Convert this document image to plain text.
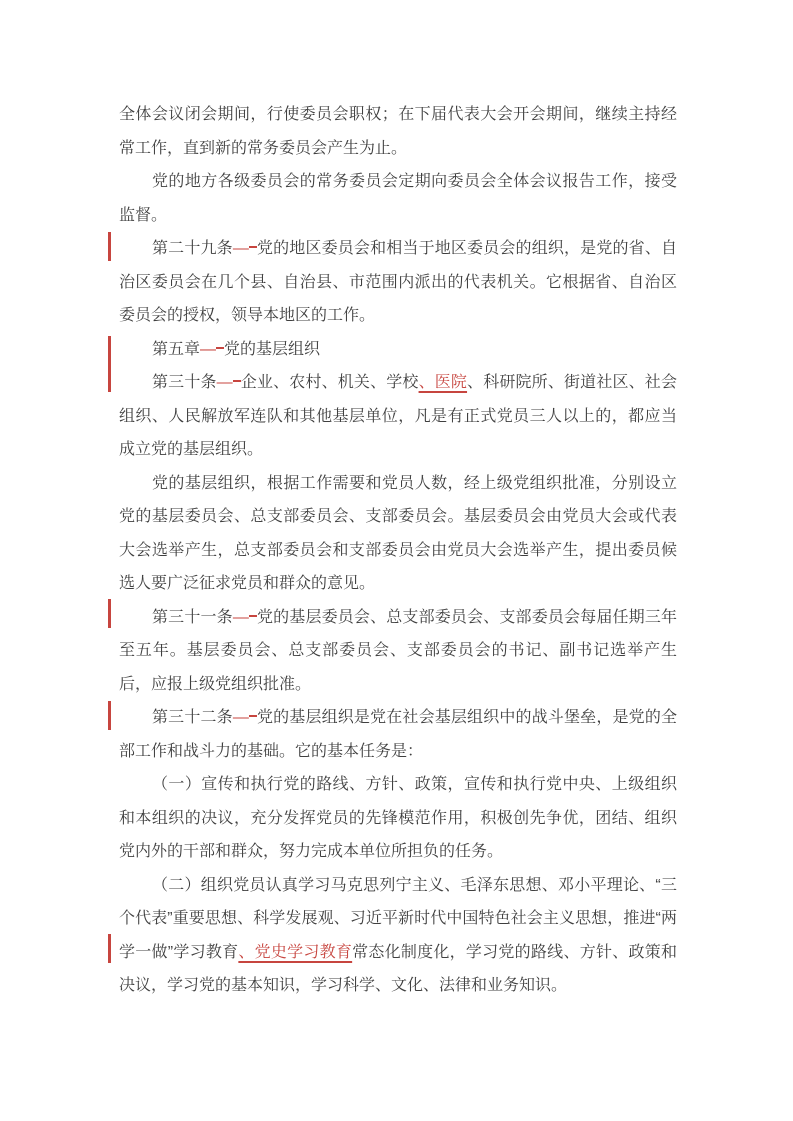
全体会议闭会期间，行使委员会职权；在下届代表大会开会期间，继续主持经常工作，直到新的常务委员会产生为止。

党的地方各级委员会的常务委员会定期向委员会全体会议报告工作，接受监督。

第二十九条— 党的地区委员会和相当于地区委员会的组织，是党的省、自治区委员会在几个县、自治县、市范围内派出的代表机关。它根据省、自治区委员会的授权，领导本地区的工作。

第五章— 党的基层组织

第三十条— 企业、农村、机关、学校、医院、科研院所、街道社区、社会组织、人民解放军连队和其他基层单位，凡是有正式党员三人以上的，都应当成立党的基层组织。

党的基层组织，根据工作需要和党员人数，经上级党组织批准，分别设立党的基层委员会、总支部委员会、支部委员会。基层委员会由党员大会或代表大会选举产生，总支部委员会和支部委员会由党员大会选举产生，提出委员候选人要广泛征求党员和群众的意见。

第三十一条— 党的基层委员会、总支部委员会、支部委员会每届任期三年至五年。基层委员会、总支部委员会、支部委员会的书记、副书记选举产生后，应报上级党组织批准。

第三十二条— 党的基层组织是党在社会基层组织中的战斗堡垒，是党的全部工作和战斗力的基础。它的基本任务是：

（一）宣传和执行党的路线、方针、政策，宣传和执行党中央、上级组织和本组织的决议，充分发挥党员的先锋模范作用，积极创先争优，团结、组织党内外的干部和群众，努力完成本单位所担负的任务。

（二）组织党员认真学习马克思列宁主义、毛泽东思想、邓小平理论、“三个代表”重要思想、科学发展观、习近平新时代中国特色社会主义思想，推进“两学一做”学习教育、党史学习教育常态化制度化，学习党的路线、方针、政策和决议，学习党的基本知识，学习科学、文化、法律和业务知识。
